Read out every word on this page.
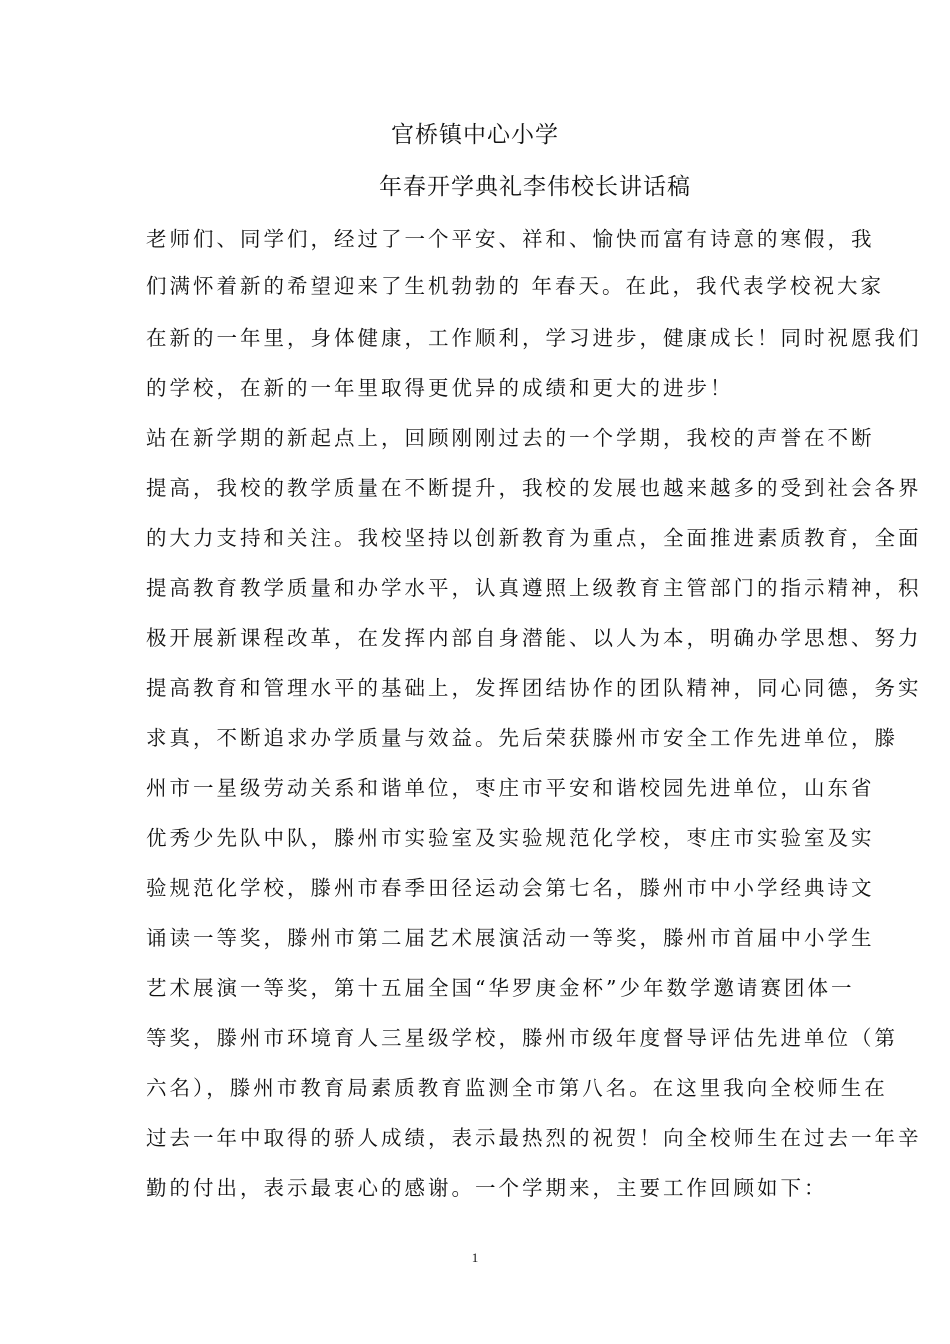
官桥镇中心小学
年春开学典礼李伟校长讲话稿
老师们、同学们，经过了一个平安、祥和、愉快而富有诗意的寒假，我
们满怀着新的希望迎来了生机勃勃的 年春天。在此，我代表学校祝大家
在新的一年里，身体健康，工作顺利，学习进步，健康成长！同时祝愿我们
的学校，在新的一年里取得更优异的成绩和更大的进步！
站在新学期的新起点上，回顾刚刚过去的一个学期，我校的声誉在不断
提高，我校的教学质量在不断提升，我校的发展也越来越多的受到社会各界
的大力支持和关注。我校坚持以创新教育为重点，全面推进素质教育，全面
提高教育教学质量和办学水平，认真遵照上级教育主管部门的指示精神，积
极开展新课程改革，在发挥内部自身潜能、以人为本，明确办学思想、努力
提高教育和管理水平的基础上，发挥团结协作的团队精神，同心同德，务实
求真，不断追求办学质量与效益。先后荣获滕州市安全工作先进单位，滕
州市一星级劳动关系和谐单位，枣庄市平安和谐校园先进单位，山东省
优秀少先队中队，滕州市实验室及实验规范化学校，枣庄市实验室及实
验规范化学校，滕州市春季田径运动会第七名，滕州市中小学经典诗文
诵读一等奖，滕州市第二届艺术展演活动一等奖，滕州市首届中小学生
艺术展演一等奖，第十五届全国“华罗庚金杯”少年数学邀请赛团体一
等奖，滕州市环境育人三星级学校，滕州市级年度督导评估先进单位（第
六名），滕州市教育局素质教育监测全市第八名。在这里我向全校师生在
过去一年中取得的骄人成绩，表示最热烈的祝贺！向全校师生在过去一年辛
勤的付出，表示最衷心的感谢。一个学期来，主要工作回顾如下：
1
